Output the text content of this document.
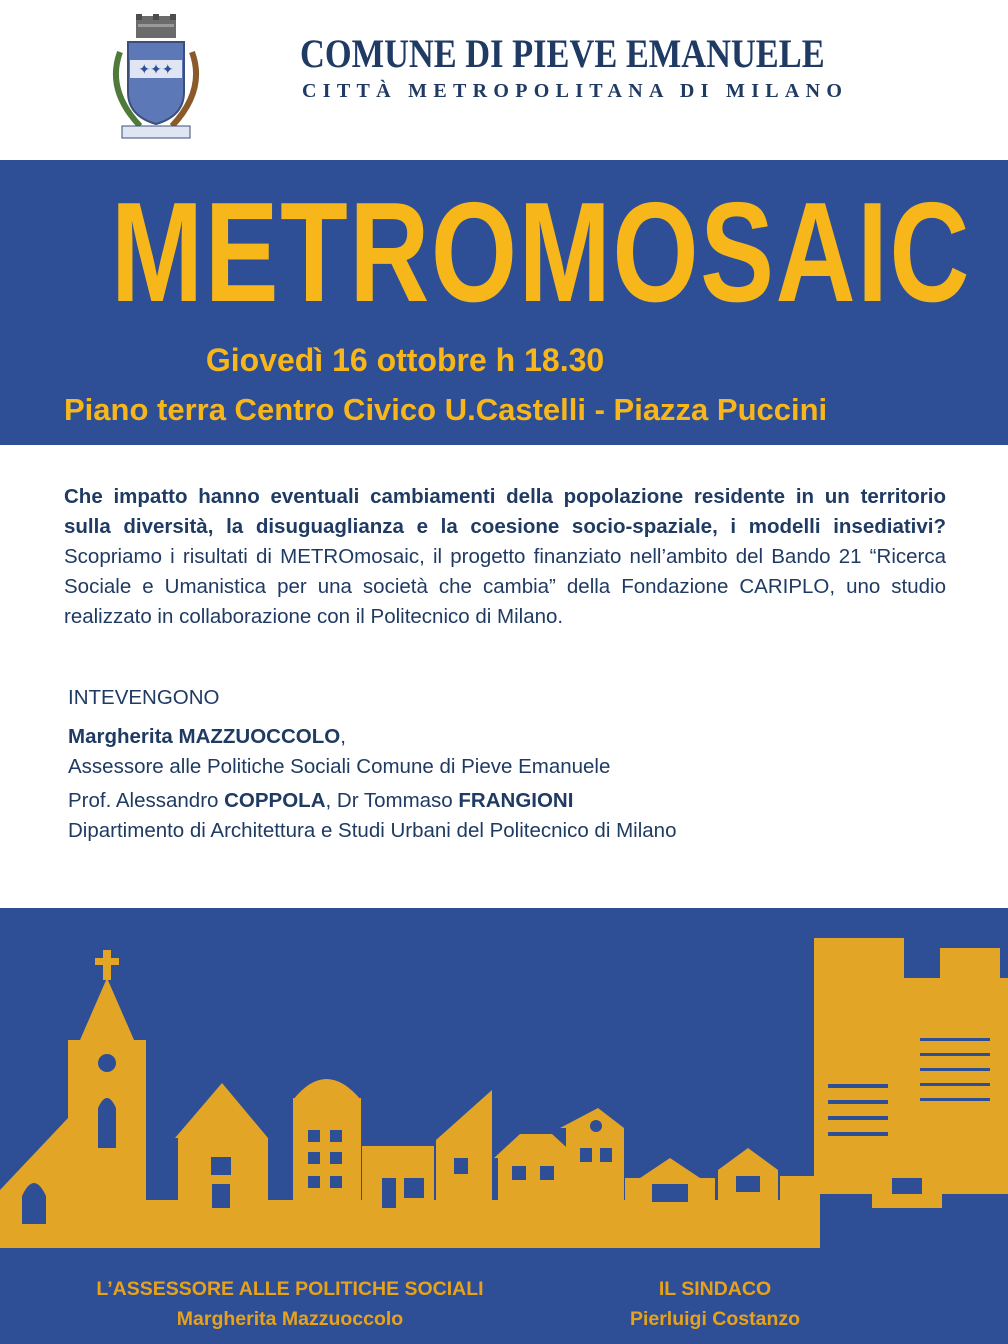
✦✦✦	COMUNE DI PIEVE EMANUELE
CITTÀ METROPOLITANA DI MILANO
METROMOSAIC
Giovedì 16 ottobre h 18.30
Piano terra Centro Civico U.Castelli - Piazza Puccini
Che impatto hanno eventuali cambiamenti della popolazione residente in un territorio sulla diversità, la disuguaglianza e la coesione socio-spaziale, i modelli insediativi? Scopriamo i risultati di METROmosaic, il progetto finanziato nell’ambito del Bando 21 “Ricerca Sociale e Umanistica per una società che cambia” della Fondazione CARIPLO, uno studio realizzato in collaborazione con il Politecnico di Milano.
INTEVENGONO
Margherita MAZZUOCCOLO,
Assessore alle Politiche Sociali Comune di Pieve Emanuele
Prof. Alessandro COPPOLA, Dr Tommaso FRANGIONI
Dipartimento di Architettura e Studi Urbani del Politecnico di Milano
L’ASSESSORE ALLE POLITICHE SOCIALI
Margherita Mazzuoccolo
IL SINDACO
Pierluigi Costanzo
